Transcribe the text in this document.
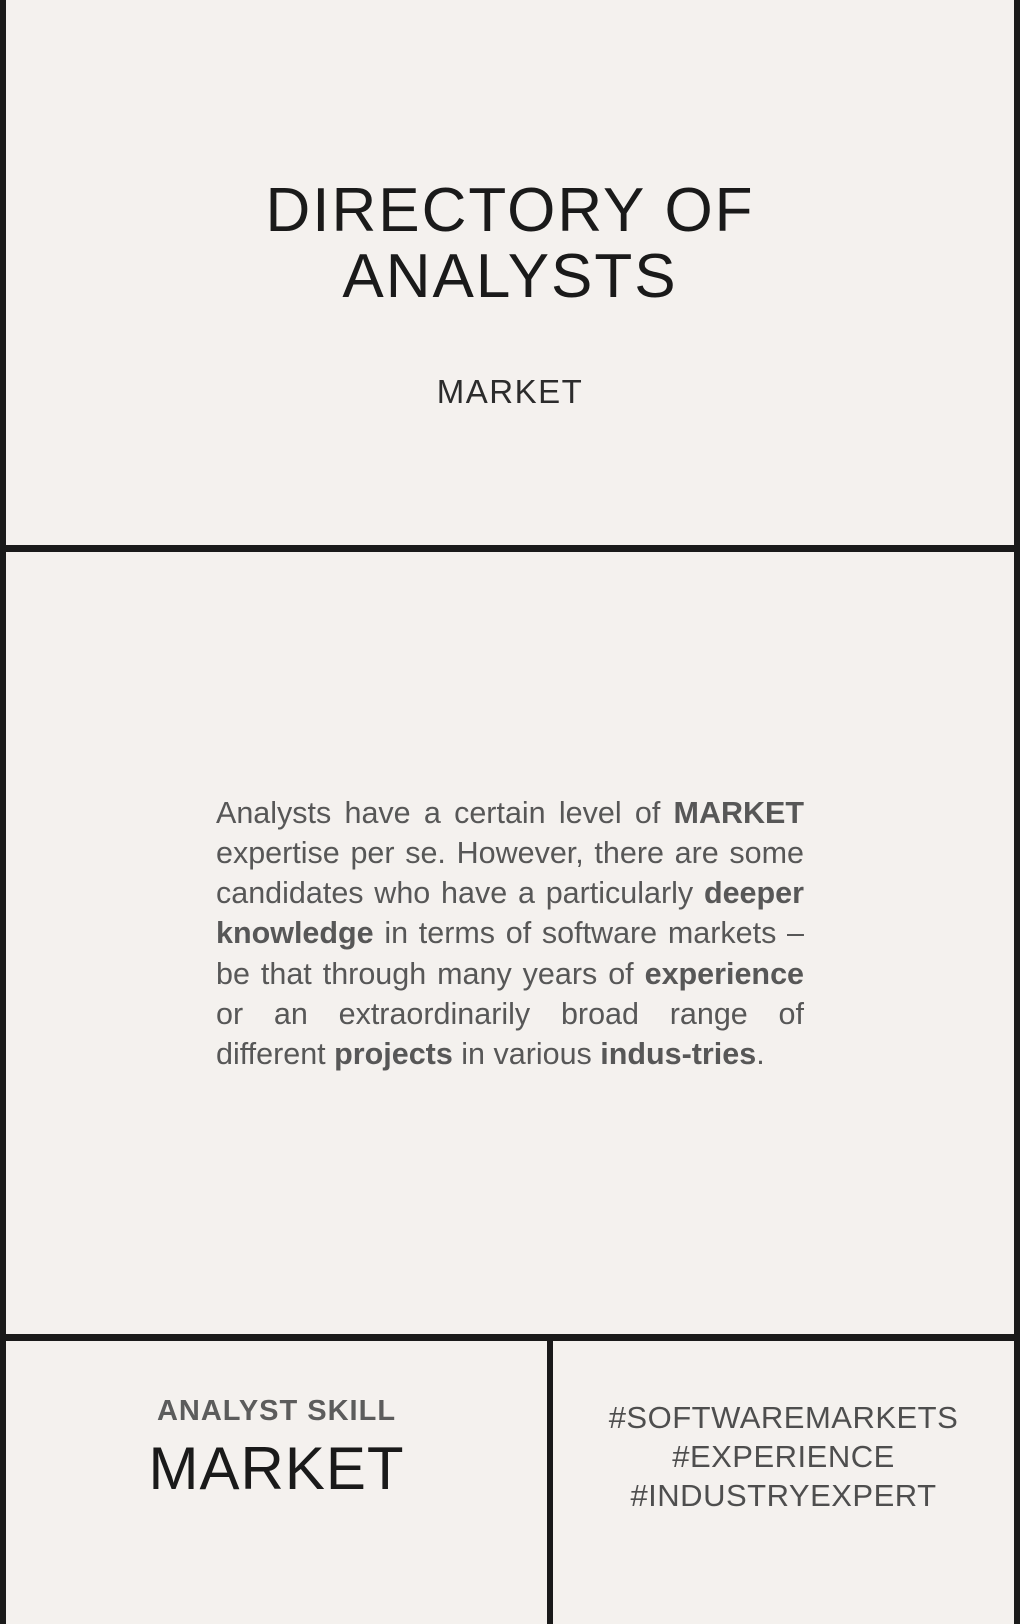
DIRECTORY OF ANALYSTS
MARKET

Analysts have a certain level of MARKET expertise per se. However, there are some candidates who have a particularly deeper knowledge in terms of software markets – be that through many years of experience or an extraordinarily broad range of different projects in various indus-tries.

ANALYST SKILL
MARKET
#SOFTWAREMARKETS
#EXPERIENCE
#INDUSTRYEXPERT
